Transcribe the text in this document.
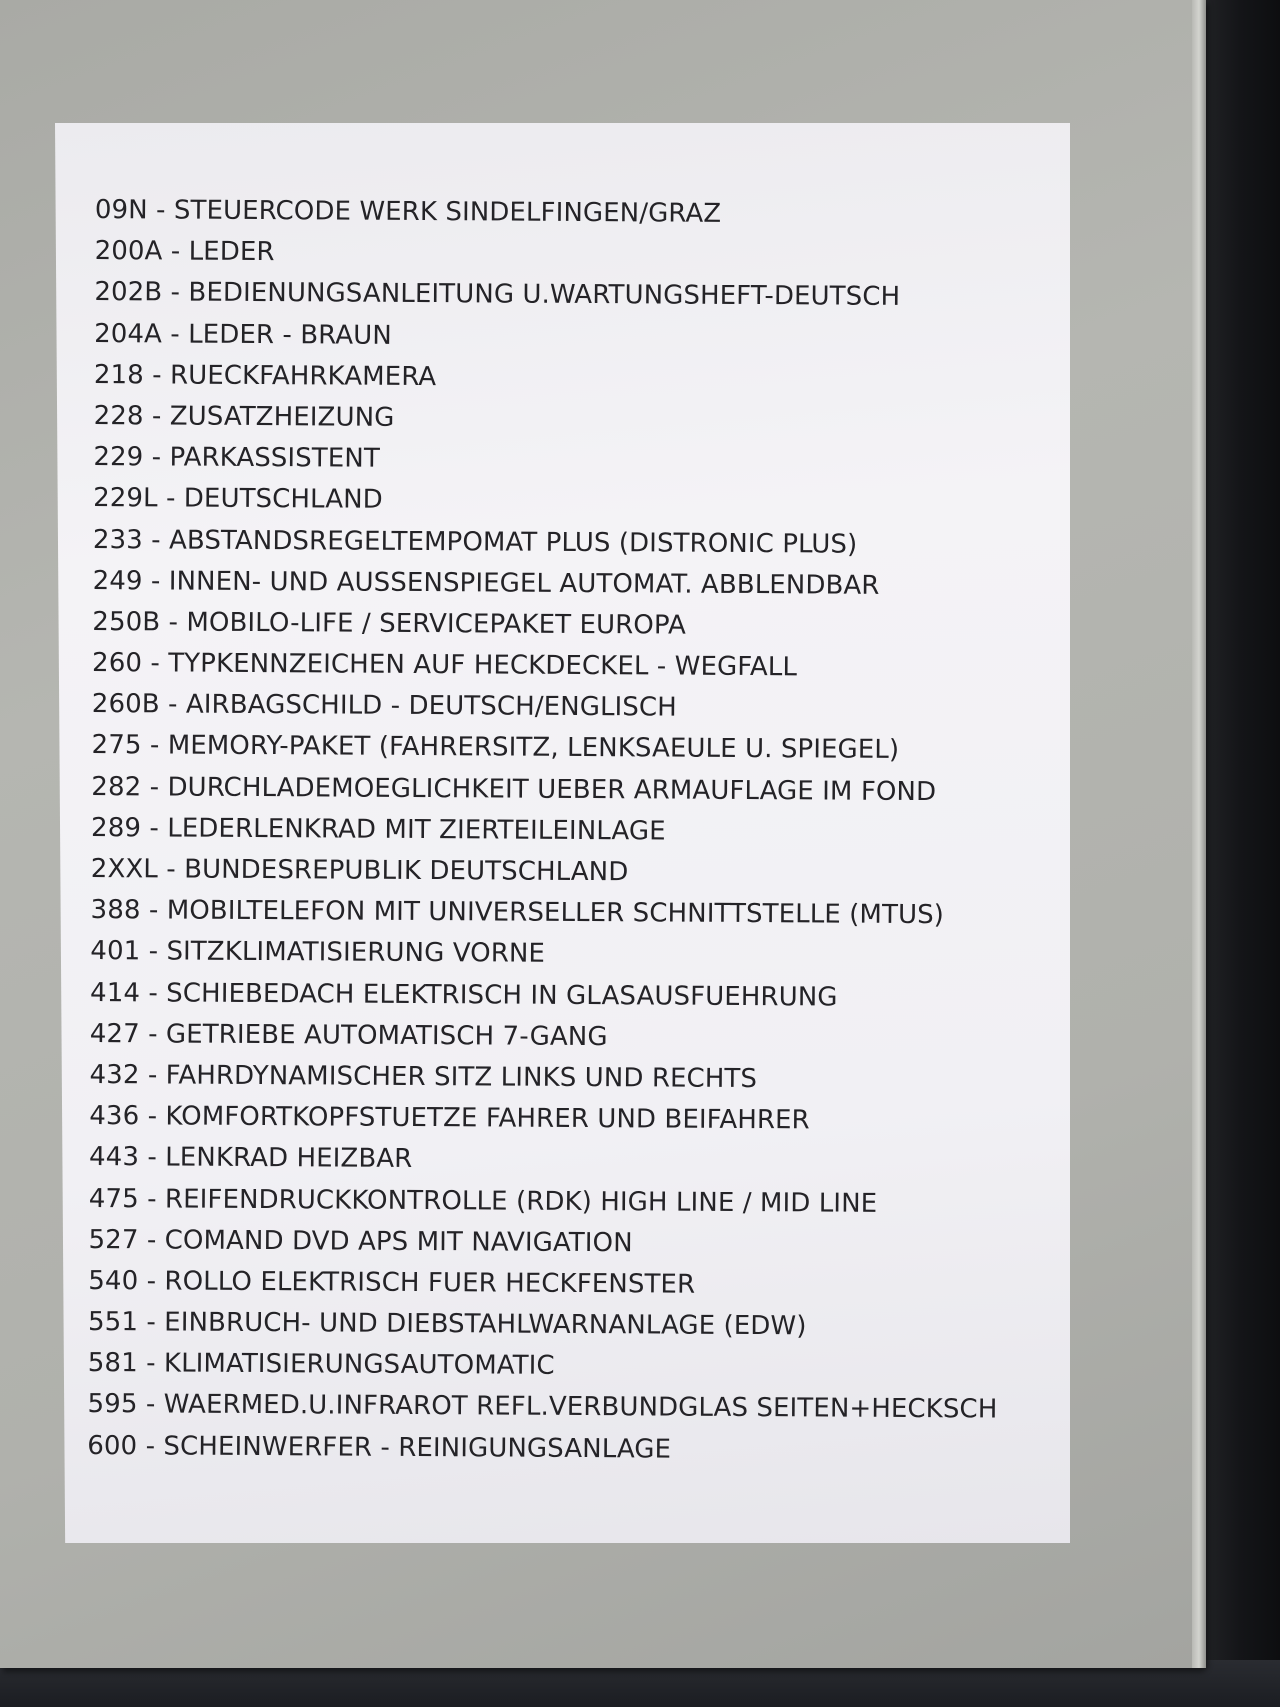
09N - STEUERCODE WERK SINDELFINGEN/GRAZ
200A - LEDER
202B - BEDIENUNGSANLEITUNG U.WARTUNGSHEFT-DEUTSCH
204A - LEDER - BRAUN
218 - RUECKFAHRKAMERA
228 - ZUSATZHEIZUNG
229 - PARKASSISTENT
229L - DEUTSCHLAND
233 - ABSTANDSREGELTEMPOMAT PLUS (DISTRONIC PLUS)
249 - INNEN- UND AUSSENSPIEGEL AUTOMAT. ABBLENDBAR
250B - MOBILO-LIFE / SERVICEPAKET EUROPA
260 - TYPKENNZEICHEN AUF HECKDECKEL - WEGFALL
260B - AIRBAGSCHILD - DEUTSCH/ENGLISCH
275 - MEMORY-PAKET (FAHRERSITZ, LENKSAEULE U. SPIEGEL)
282 - DURCHLADEMOEGLICHKEIT UEBER ARMAUFLAGE IM FOND
289 - LEDERLENKRAD MIT ZIERTEILEINLAGE
2XXL - BUNDESREPUBLIK DEUTSCHLAND
388 - MOBILTELEFON MIT UNIVERSELLER SCHNITTSTELLE (MTUS)
401 - SITZKLIMATISIERUNG VORNE
414 - SCHIEBEDACH ELEKTRISCH IN GLASAUSFUEHRUNG
427 - GETRIEBE AUTOMATISCH 7-GANG
432 - FAHRDYNAMISCHER SITZ LINKS UND RECHTS
436 - KOMFORTKOPFSTUETZE FAHRER UND BEIFAHRER
443 - LENKRAD HEIZBAR
475 - REIFENDRUCKKONTROLLE (RDK) HIGH LINE / MID LINE
527 - COMAND DVD APS MIT NAVIGATION
540 - ROLLO ELEKTRISCH FUER HECKFENSTER
551 - EINBRUCH- UND DIEBSTAHLWARNANLAGE (EDW)
581 - KLIMATISIERUNGSAUTOMATIC
595 - WAERMED.U.INFRAROT REFL.VERBUNDGLAS SEITEN+HECKSCH
600 - SCHEINWERFER - REINIGUNGSANLAGE
